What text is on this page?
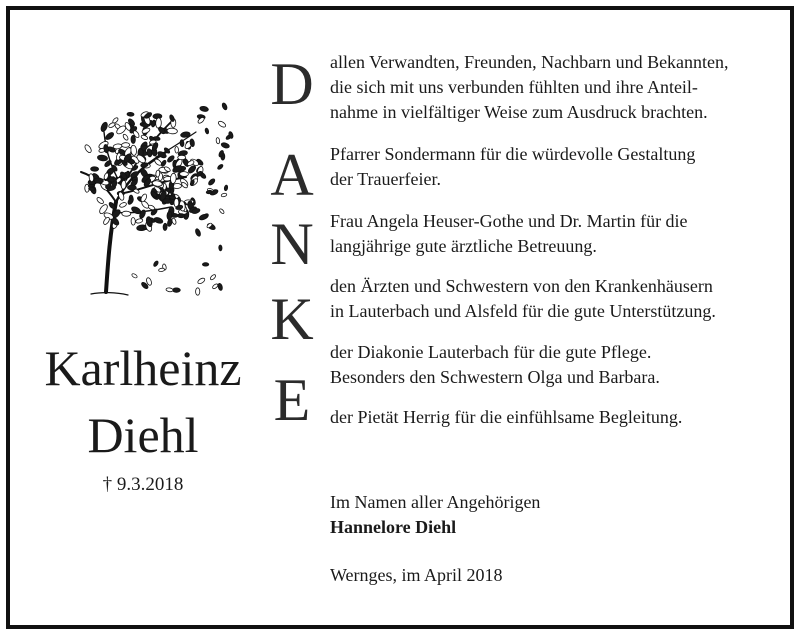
Karlheinz
Diehl
† 9.3.2018
D
A
N
K
E
allen Verwandten, Freunden, Nachbarn und Bekannten,
die sich mit uns verbunden fühlten und ihre Anteil-
nahme in vielfältiger Weise zum Ausdruck brachten.
Pfarrer Sondermann für die würdevolle Gestaltung
der Trauerfeier.
Frau Angela Heuser-Gothe und Dr. Martin für die
langjährige gute ärztliche Betreuung.
den Ärzten und Schwestern von den Krankenhäusern
in Lauterbach und Alsfeld für die gute Unterstützung.
der Diakonie Lauterbach für die gute Pflege.
Besonders den Schwestern Olga und Barbara.
der Pietät Herrig für die einfühlsame Begleitung.
Im Namen aller Angehörigen
Hannelore Diehl
Wernges, im April 2018
